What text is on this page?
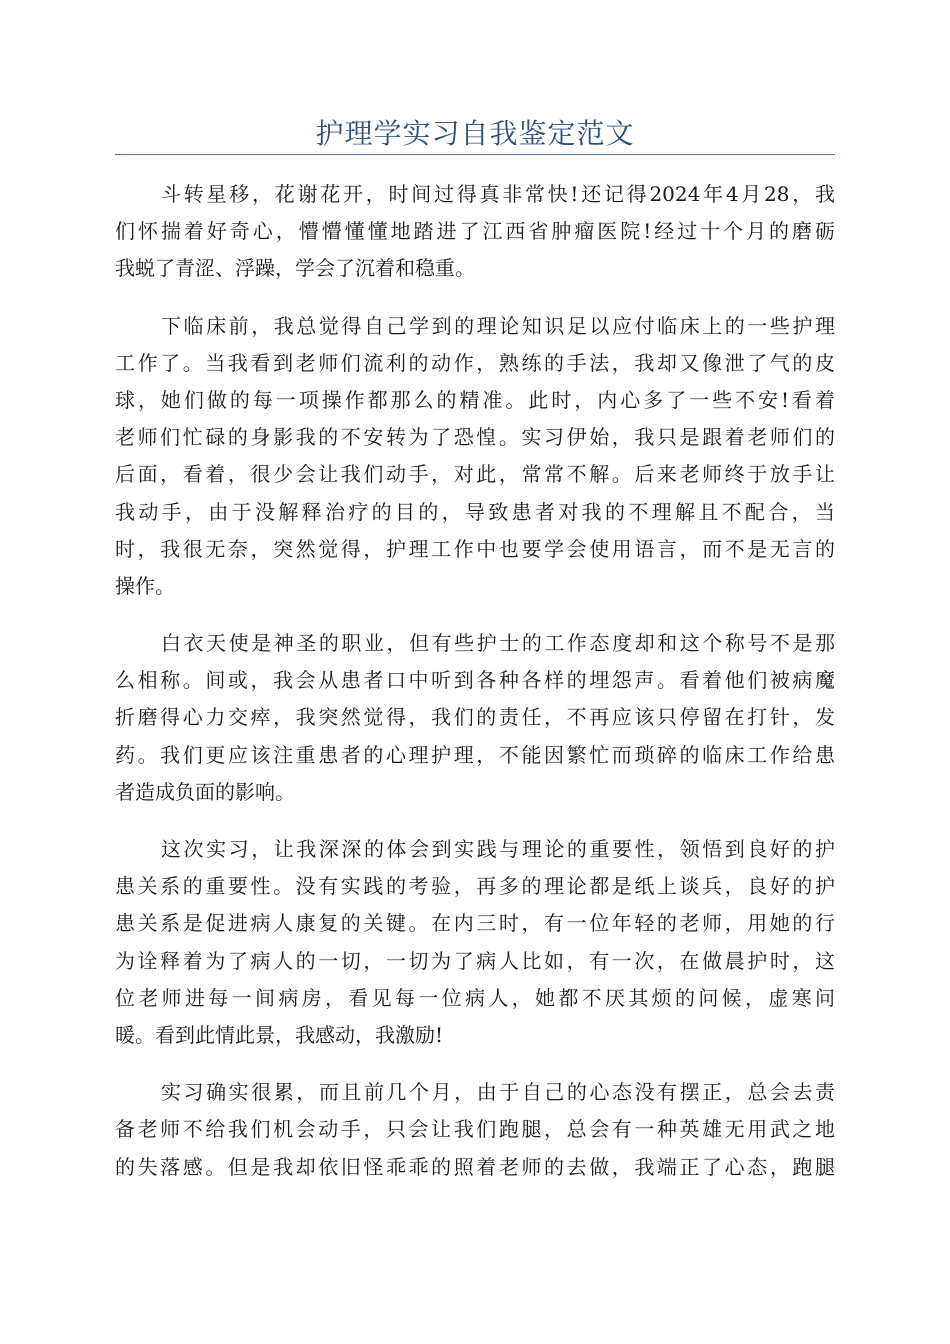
护理学实习自我鉴定范文
斗转星移，花谢花开，时间过得真非常快!还记得2024年4月28，我
们怀揣着好奇心，懵懵懂懂地踏进了江西省肿瘤医院!经过十个月的磨砺
我蜕了青涩、浮躁，学会了沉着和稳重。
下临床前，我总觉得自己学到的理论知识足以应付临床上的一些护理
工作了。当我看到老师们流利的动作，熟练的手法，我却又像泄了气的皮
球，她们做的每一项操作都那么的精准。此时，内心多了一些不安!看着
老师们忙碌的身影我的不安转为了恐惶。实习伊始，我只是跟着老师们的
后面，看着，很少会让我们动手，对此，常常不解。后来老师终于放手让
我动手，由于没解释治疗的目的，导致患者对我的不理解且不配合，当
时，我很无奈，突然觉得，护理工作中也要学会使用语言，而不是无言的
操作。
白衣天使是神圣的职业，但有些护士的工作态度却和这个称号不是那
么相称。间或，我会从患者口中听到各种各样的埋怨声。看着他们被病魔
折磨得心力交瘁，我突然觉得，我们的责任，不再应该只停留在打针，发
药。我们更应该注重患者的心理护理，不能因繁忙而琐碎的临床工作给患
者造成负面的影响。
这次实习，让我深深的体会到实践与理论的重要性，领悟到良好的护
患关系的重要性。没有实践的考验，再多的理论都是纸上谈兵，良好的护
患关系是促进病人康复的关键。在内三时，有一位年轻的老师，用她的行
为诠释着为了病人的一切，一切为了病人比如，有一次，在做晨护时，这
位老师进每一间病房，看见每一位病人，她都不厌其烦的问候，虚寒问
暖。看到此情此景，我感动，我激励!
实习确实很累，而且前几个月，由于自己的心态没有摆正，总会去责
备老师不给我们机会动手，只会让我们跑腿，总会有一种英雄无用武之地
的失落感。但是我却依旧怪乖乖的照着老师的去做，我端正了心态，跑腿
